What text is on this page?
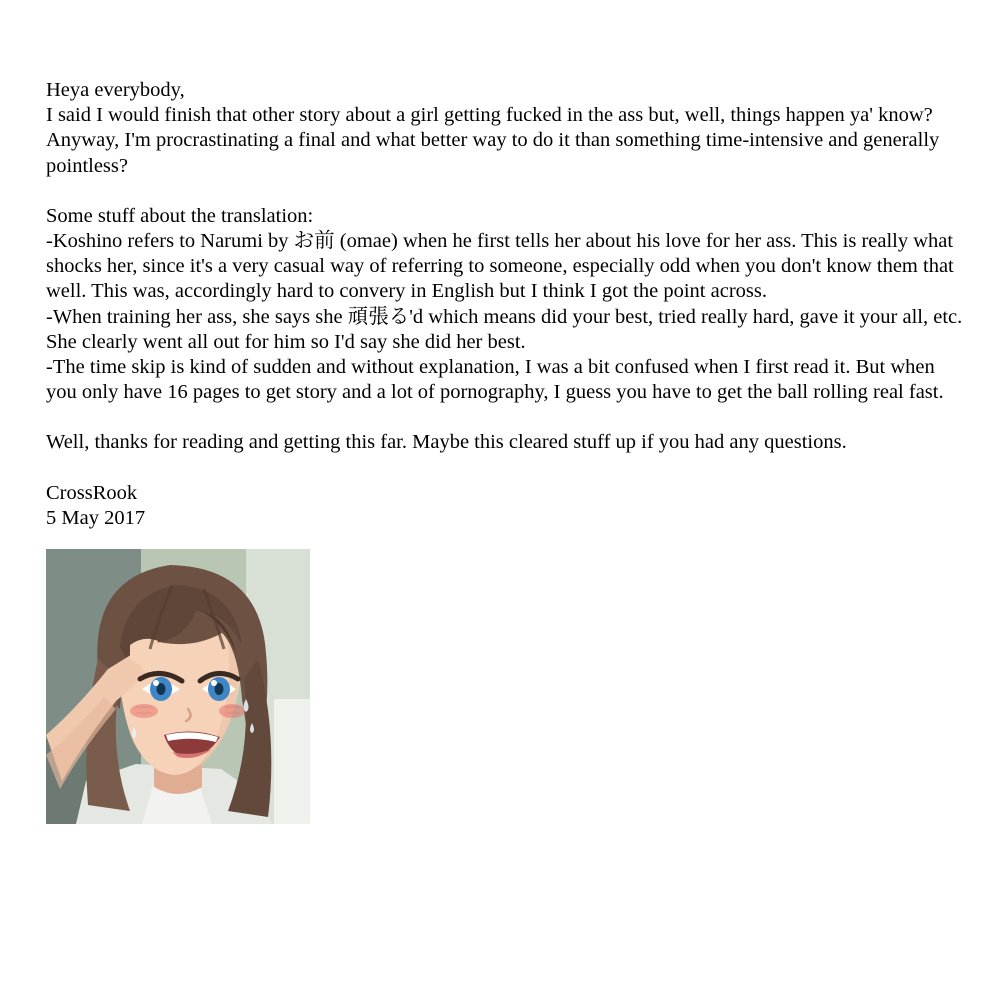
Heya everybody,

I said I would finish that other story about a girl getting fucked in the ass but, well, things happen ya' know? Anyway, I'm procrastinating a final and what better way to do it than something time-intensive and generally pointless?

Some stuff about the translation:

-Koshino refers to Narumi by お前 (omae) when he first tells her about his love for her ass. This is really what shocks her, since it's a very casual way of referring to someone, especially odd when you don't know them that well. This was, accordingly hard to convery in English but I think I got the point across.

-When training her ass, she says she 頑張る'd which means did your best, tried really hard, gave it your all, etc. She clearly went all out for him so I'd say she did her best.

-The time skip is kind of sudden and without explanation, I was a bit confused when I first read it. But when you only have 16 pages to get story and a lot of pornography, I guess you have to get the ball rolling real fast.

Well, thanks for reading and getting this far. Maybe this cleared stuff up if you had any questions.

CrossRook

5 May 2017
